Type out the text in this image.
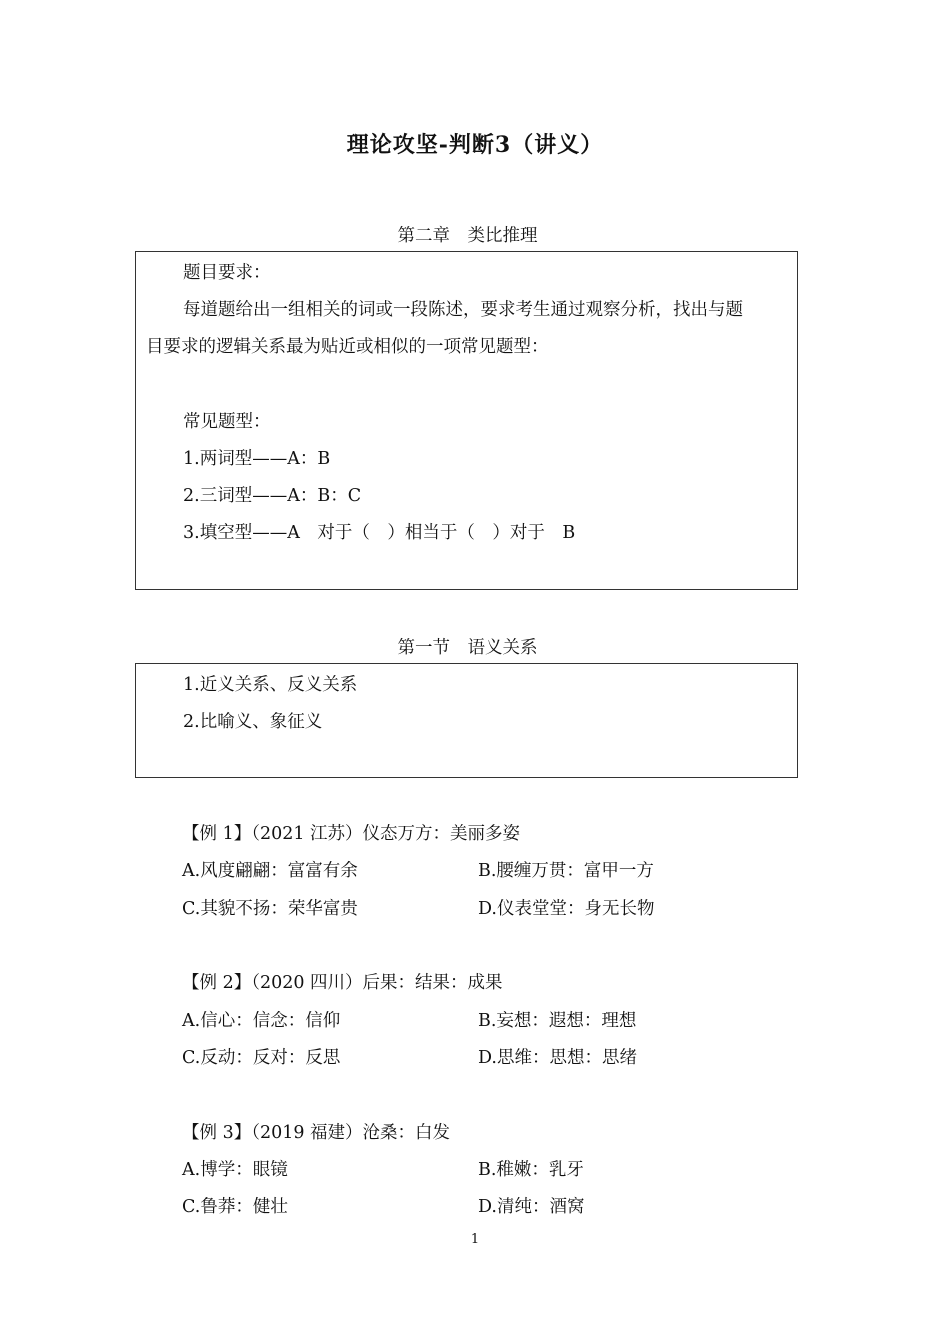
理论攻坚-判断3（讲义）
第二章　类比推理
题目要求：
每道题给出一组相关的词或一段陈述，要求考生通过观察分析，找出与题
目要求的逻辑关系最为贴近或相似的一项常见题型：
常见题型：
1.两词型——A：B
2.三词型——A：B：C
3.填空型——A　对于（　）相当于（　）对于　B
第一节　语义关系
1.近义关系、反义关系
2.比喻义、象征义
【例 1】（2021 江苏）仪态万方：美丽多姿
A.风度翩翩：富富有余	B.腰缠万贯：富甲一方
C.其貌不扬：荣华富贵	D.仪表堂堂：身无长物
【例 2】（2020 四川）后果：结果：成果
A.信心：信念：信仰	B.妄想：遐想：理想
C.反动：反对：反思	D.思维：思想：思绪
【例 3】（2019 福建）沧桑：白发
A.博学：眼镜	B.稚嫩：乳牙
C.鲁莽：健壮	D.清纯：酒窝
1
